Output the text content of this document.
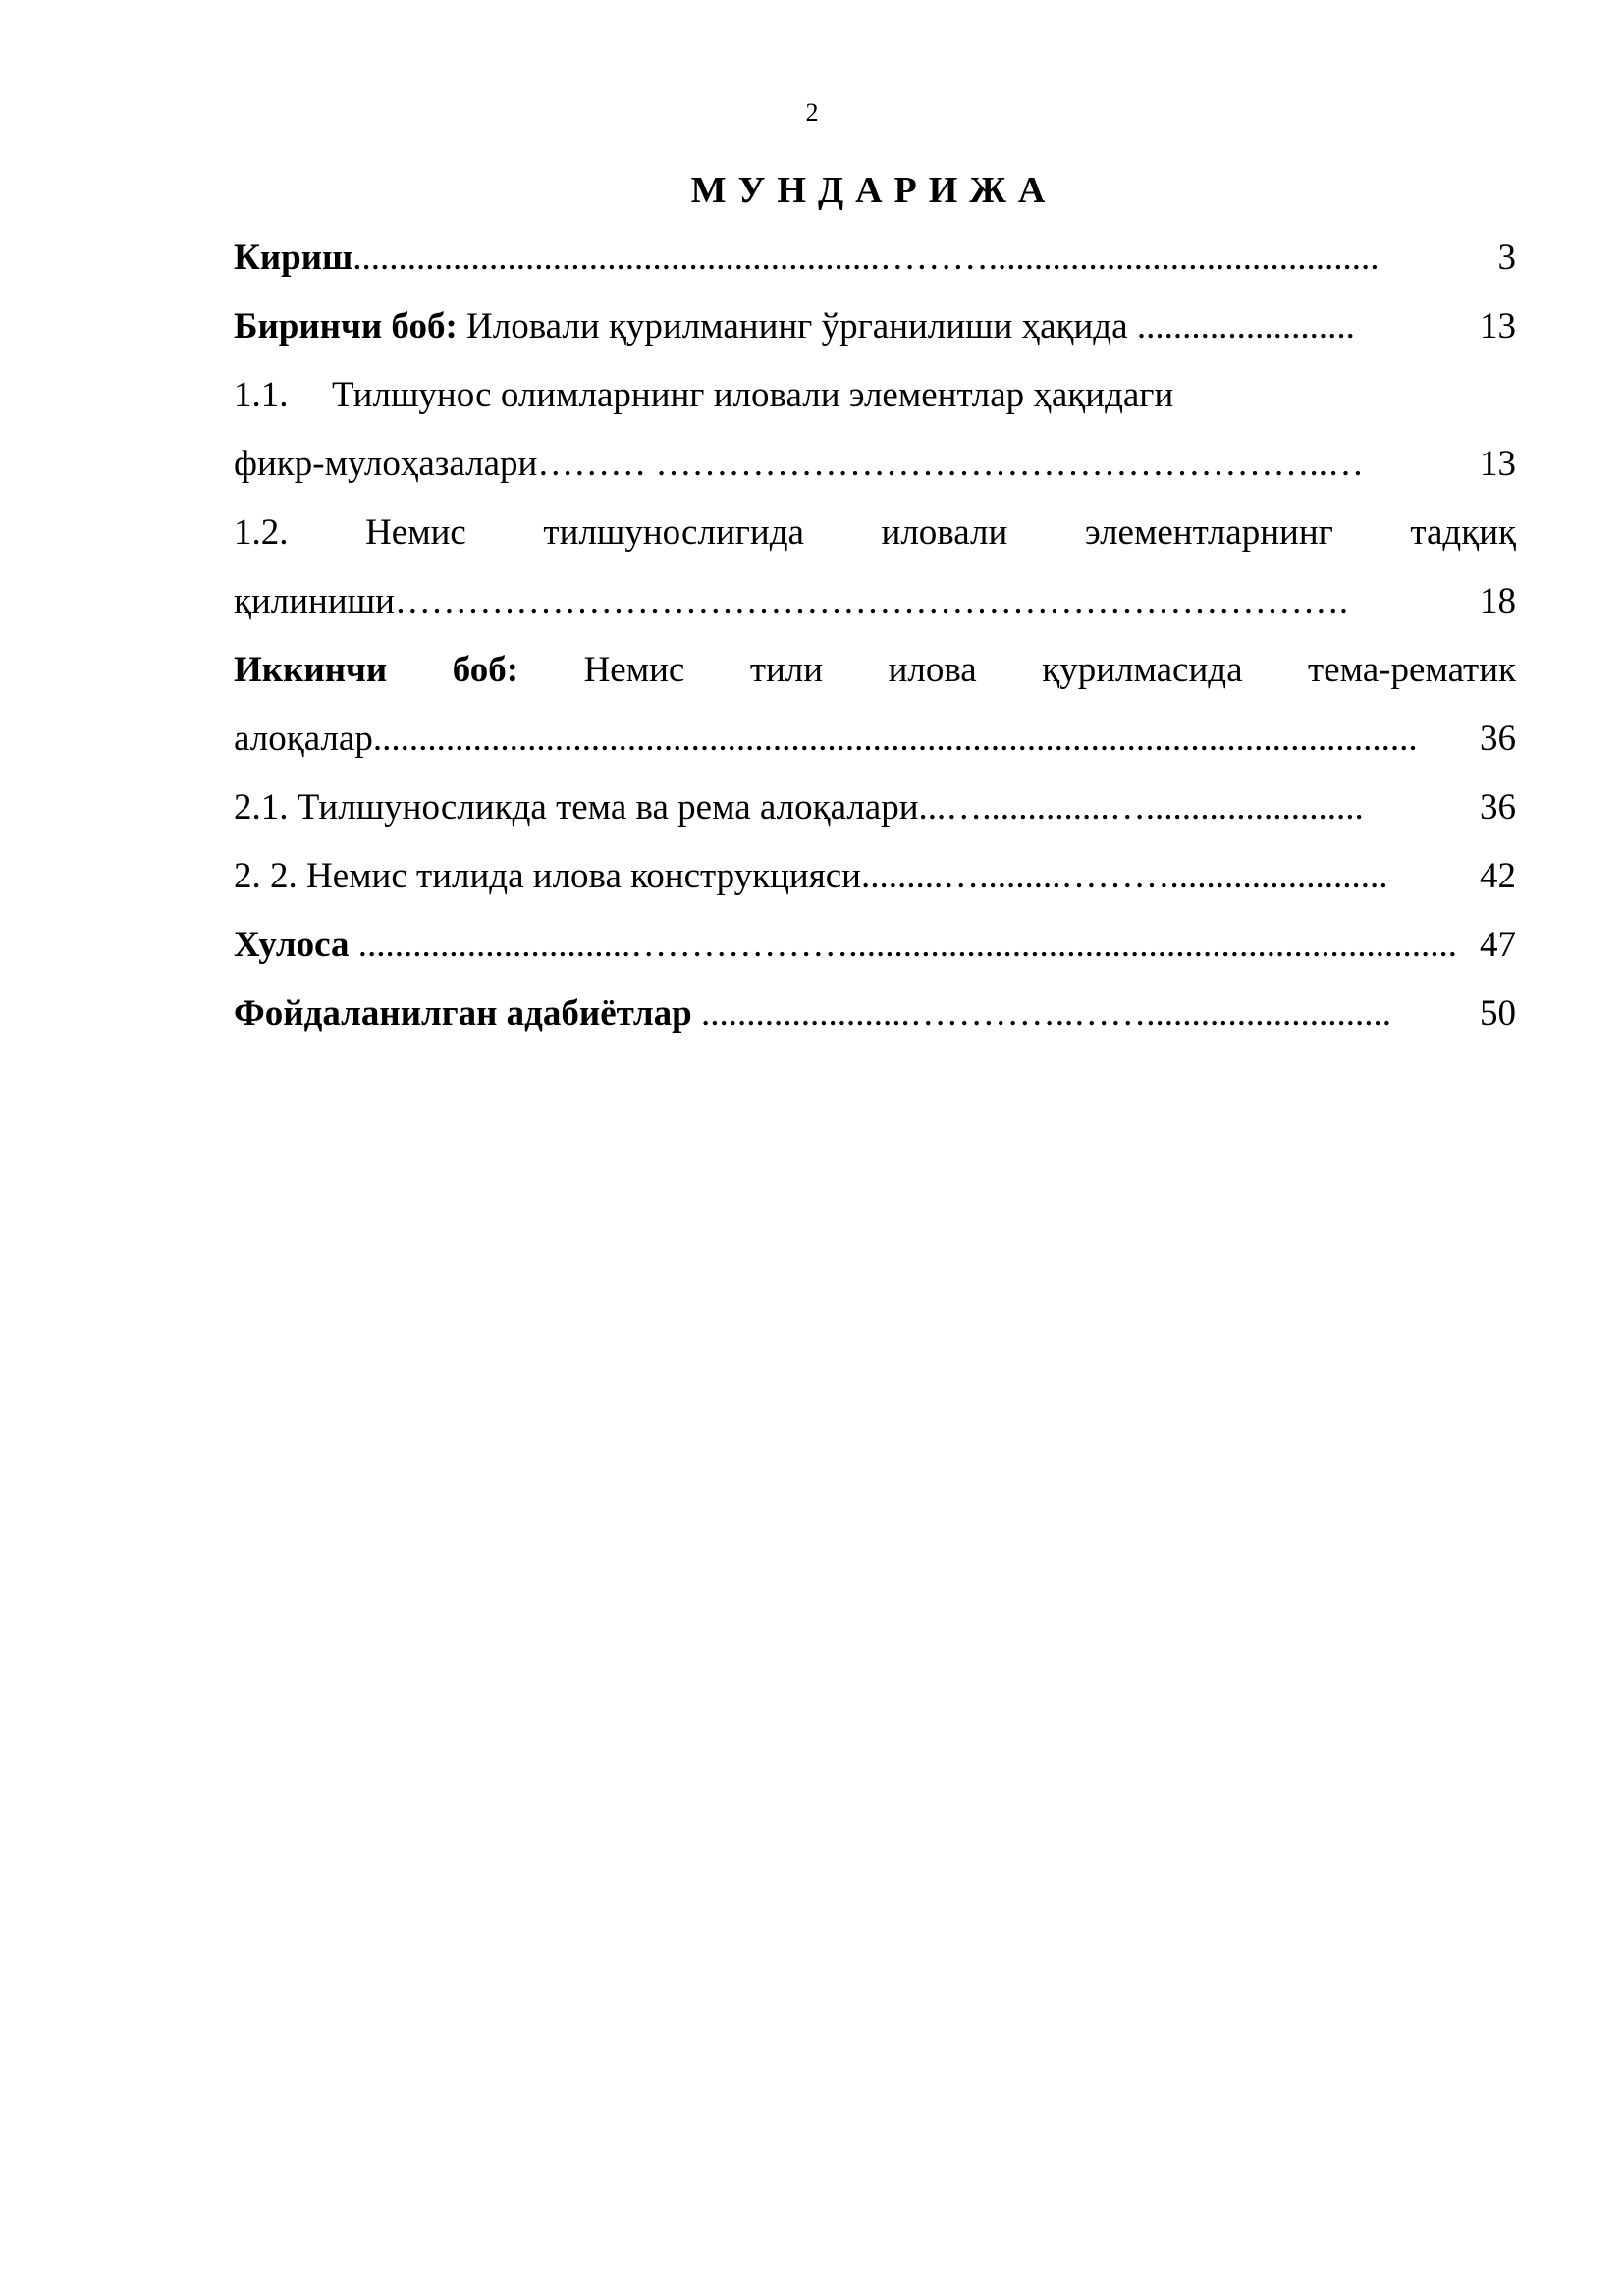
2
МУНДАРИЖА
Кириш ..........................................................………...........................................	3
Биринчи боб: Иловали қурилманинг ўрганилиши ҳақида ........................	13
1.1. Тилшунос олимларнинг иловали элементлар ҳақидаги
фикр-мулоҳазалари……… ………………………………………………..…	13
1.2. Немис тилшунослигида иловали элементларнинг тадқиқ
қилиниши…………………………………………………………………….	18
Иккинчи боб: Немис тили илова қурилмасида тема-рематик
алоқалар ...................................................................................................................	36
2.1. Тилшуносликда тема ва рема алоқалари ...…..............…........................	36
2. 2. Немис тилида илова конструкцияси .........….........………........................	42
Хулоса ..............................………………................................................................... 47
Фойдаланилган адабиётлар .......................…………..……...........................	50
